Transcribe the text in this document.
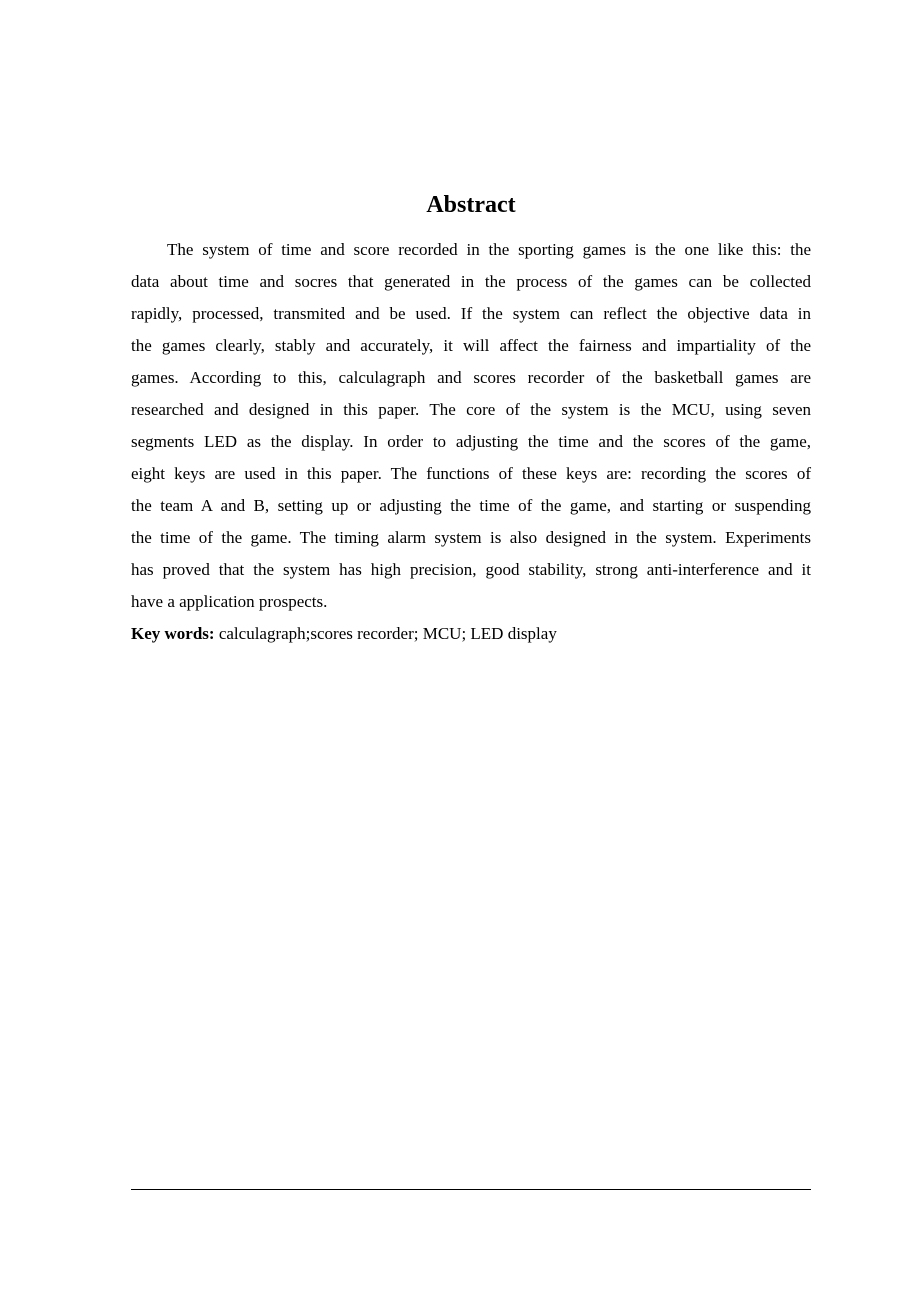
Abstract
The system of time and score recorded in the sporting games is the one like this: the
data about time and socres that generated in the process of the games can be collected
rapidly, processed, transmited and be used. If the system can reflect the objective data in
the games clearly, stably and accurately, it will affect the fairness and impartiality of the
games. According to this, calculagraph and scores recorder of the basketball games are
researched and designed in this paper. The core of the system is the MCU, using seven
segments LED as the display. In order to adjusting the time and the scores of the game,
eight keys are used in this paper. The functions of these keys are: recording the scores of
the team A and B, setting up or adjusting the time of the game, and starting or suspending
the time of the game. The timing alarm system is also designed in the system. Experiments
has proved that the system has high precision, good stability, strong anti-interference and it
have a application prospects.

Key words: calculagraph;scores recorder; MCU; LED display
